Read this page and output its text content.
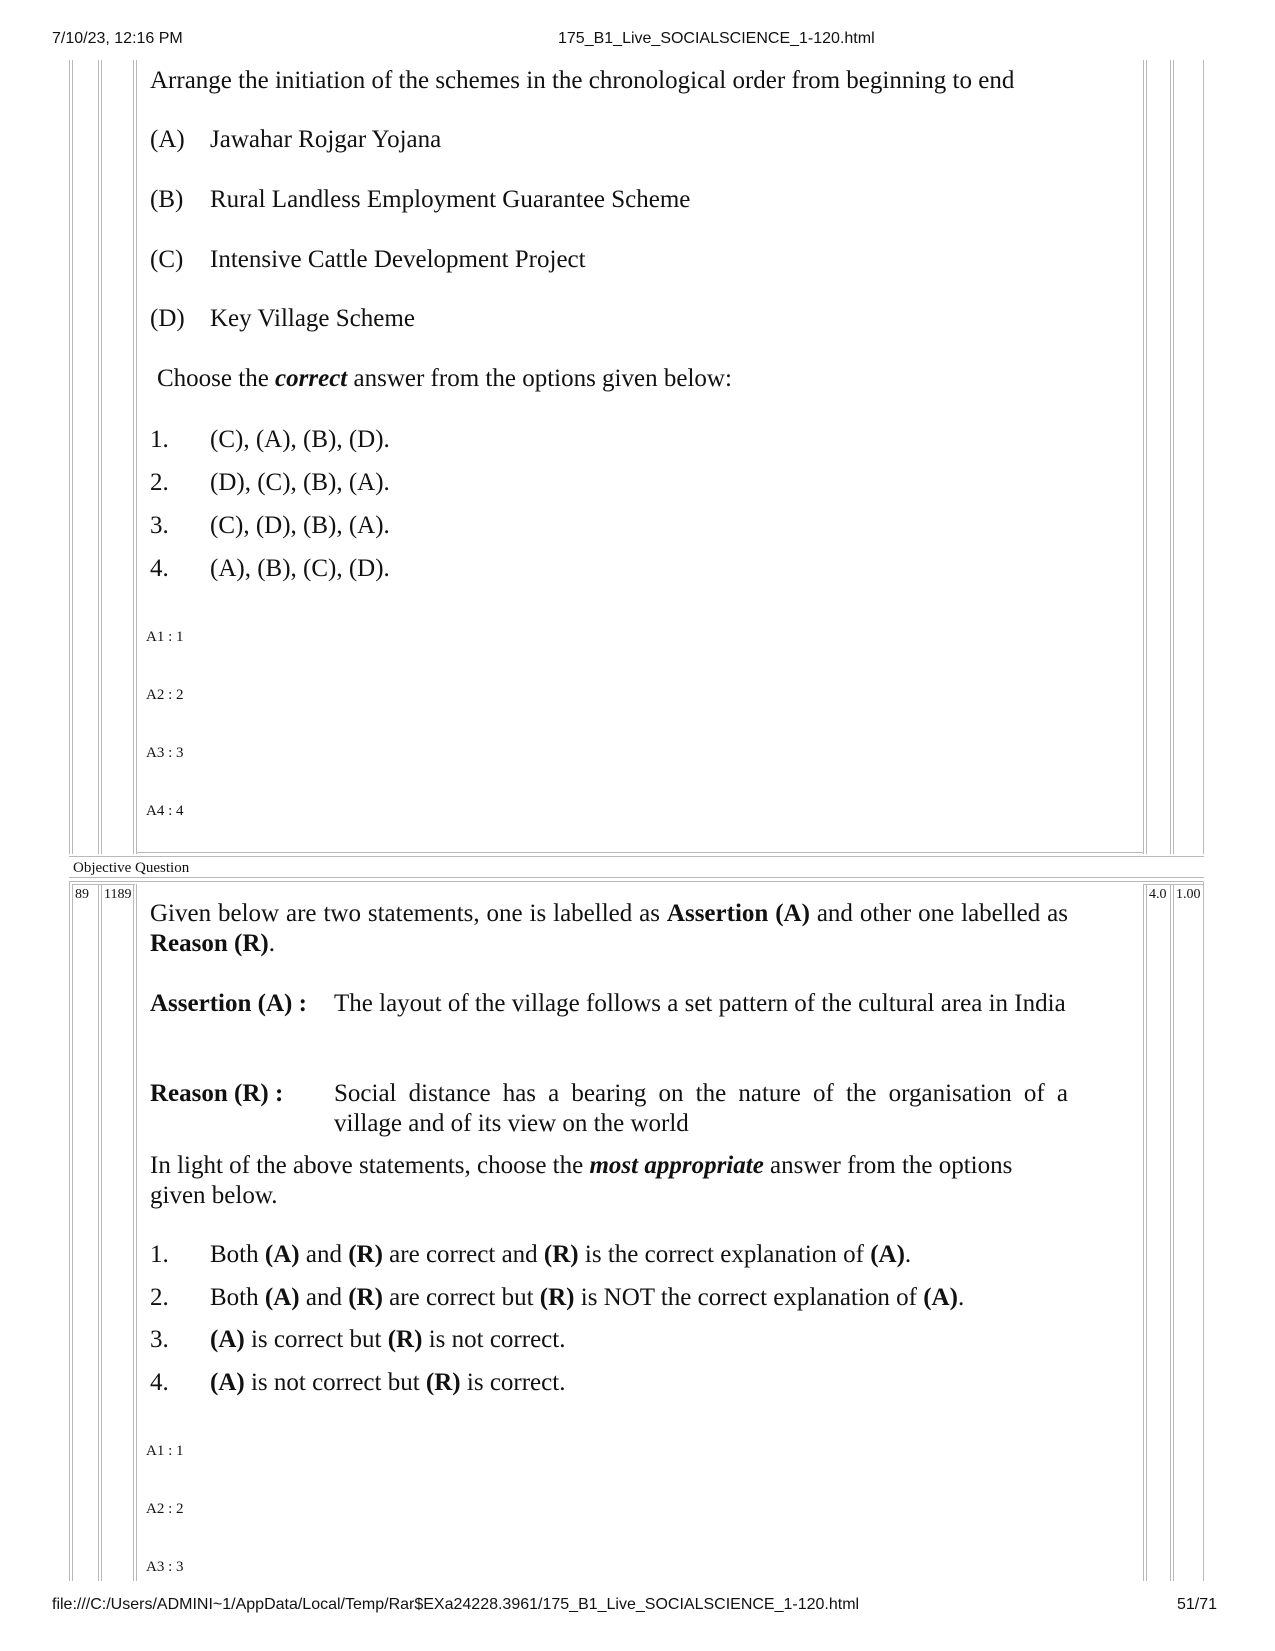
7/10/23, 12:16 PM	175_B1_Live_SOCIALSCIENCE_1-120.html
file:///C:/Users/ADMINI~1/AppData/Local/Temp/Rar$EXa24228.3961/175_B1_Live_SOCIALSCIENCE_1-120.html	51/71
Arrange the initiation of the schemes in the chronological order from beginning to end
(A) Jawahar Rojgar Yojana
(B) Rural Landless Employment Guarantee Scheme
(C) Intensive Cattle Development Project
(D) Key Village Scheme
Choose the correct answer from the options given below:
1. (C), (A), (B), (D).
2. (D), (C), (B), (A).
3. (C), (D), (B), (A).
4. (A), (B), (C), (D).
A1 : 1
A2 : 2
A3 : 3
A4 : 4
Objective Question
89 1189	4.0 1.00
Given below are two statements, one is labelled as Assertion (A) and other one labelled as Reason (R).
Assertion (A) : The layout of the village follows a set pattern of the cultural area in India
Reason (R) : Social distance has a bearing on the nature of the organisation of a village and of its view on the world
In light of the above statements, choose the most appropriate answer from the options given below.
1. Both (A) and (R) are correct and (R) is the correct explanation of (A).
2. Both (A) and (R) are correct but (R) is NOT the correct explanation of (A).
3. (A) is correct but (R) is not correct.
4. (A) is not correct but (R) is correct.
A1 : 1
A2 : 2
A3 : 3
